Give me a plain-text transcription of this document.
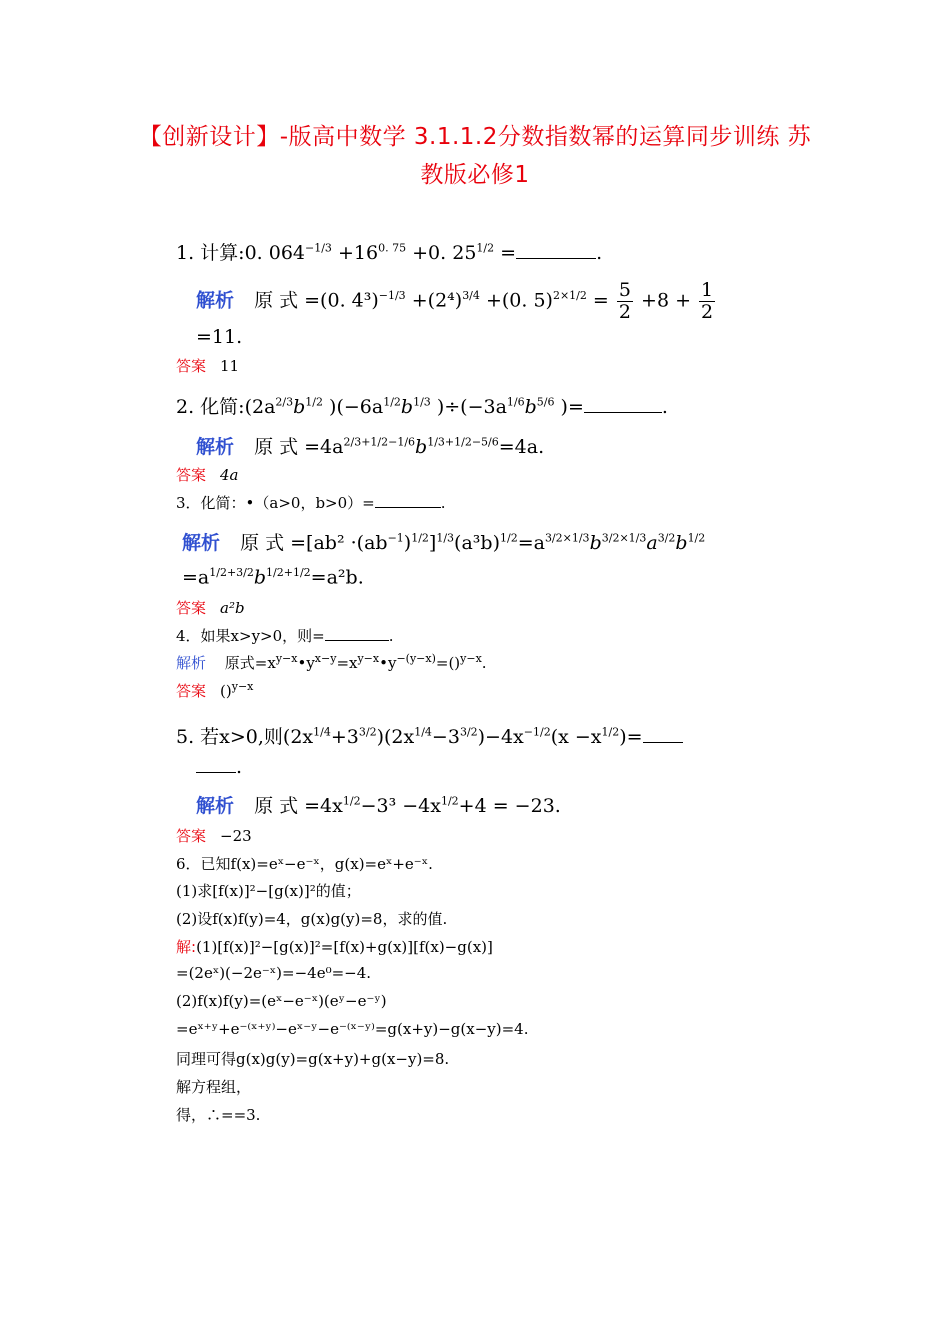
【创新设计】-版高中数学 3.1.1.2分数指数幂的运算同步训练 苏
教版必修1
1. 计算:0. $064^{-1/3} +16^{0. 75} +0$. $25^{1/2}$ =	.
解析 原 式 =(0. $4^3)^{-1/3} +(2^4)^{3/4} +(0$. $5)^{2\times 1/2} = \frac{5}{2} +8 + \frac{1}{2}$
=11.
答案 11
2. 化简$:(2a^{2/3}b^{1/2}$ )($-6a^{1/2}b^{1/3}$ )$\div(-3a^{1/6}b^{5/6}$ )=	.
解析 原 式 $=4a^{2/3+1/2-1/6}b^{1/3+1/2-5/6}=4a$.
答案 4a
3．化简：•（a>0，b>0）=	.
解析 原 式 $=[ab^2 \cdot(ab^{-1})^{1/2}]^{1/3}(a^3b)^{1/2}=a^{3/2\times 1/3}b^{3/2\times 1/3}a^{3/2}b^{1/2}$
$=a^{1/2+3/2}b^{1/2+1/2}=a^2b$.
答案 a²b
4．如果x>y>0，则=	.
解析 原式$=x^{y-x}•y^{x-y}=x^{y-x}•y^{-(y-x)}=()^{y-x}$.
答案 ()$^{y-x}$
5. 若x>0,则$(2x^{1/4}+3^{3/2})(2x^{1/4}-3^{3/2})-4x^{-1/2}(x -x^{1/2})=$
.
解析 原 式 $=4x^{1/2}-3^3 -4x^{1/2}+4 = -23$.
答案 −23
6．已知f(x)=eˣ−e⁻ˣ，g(x)=eˣ+e⁻ˣ.
(1)求[f(x)]²−[g(x)]²的值；
(2)设f(x)f(y)=4，g(x)g(y)=8，求的值.
解:(1)[f(x)]²−[g(x)]²=[f(x)+g(x)][f(x)−g(x)]
=(2eˣ)(−2e⁻ˣ)=−4e⁰=−4.
(2)f(x)f(y)=(eˣ−e⁻ˣ)(eʸ−e⁻ʸ)
=eˣ⁺ʸ+e⁻⁽ˣ⁺ʸ⁾−eˣ⁻ʸ−e⁻⁽ˣ⁻ʸ⁾=g(x+y)−g(x−y)=4.
同理可得g(x)g(y)=g(x+y)+g(x−y)=8.
解方程组，
得，∴==3.
